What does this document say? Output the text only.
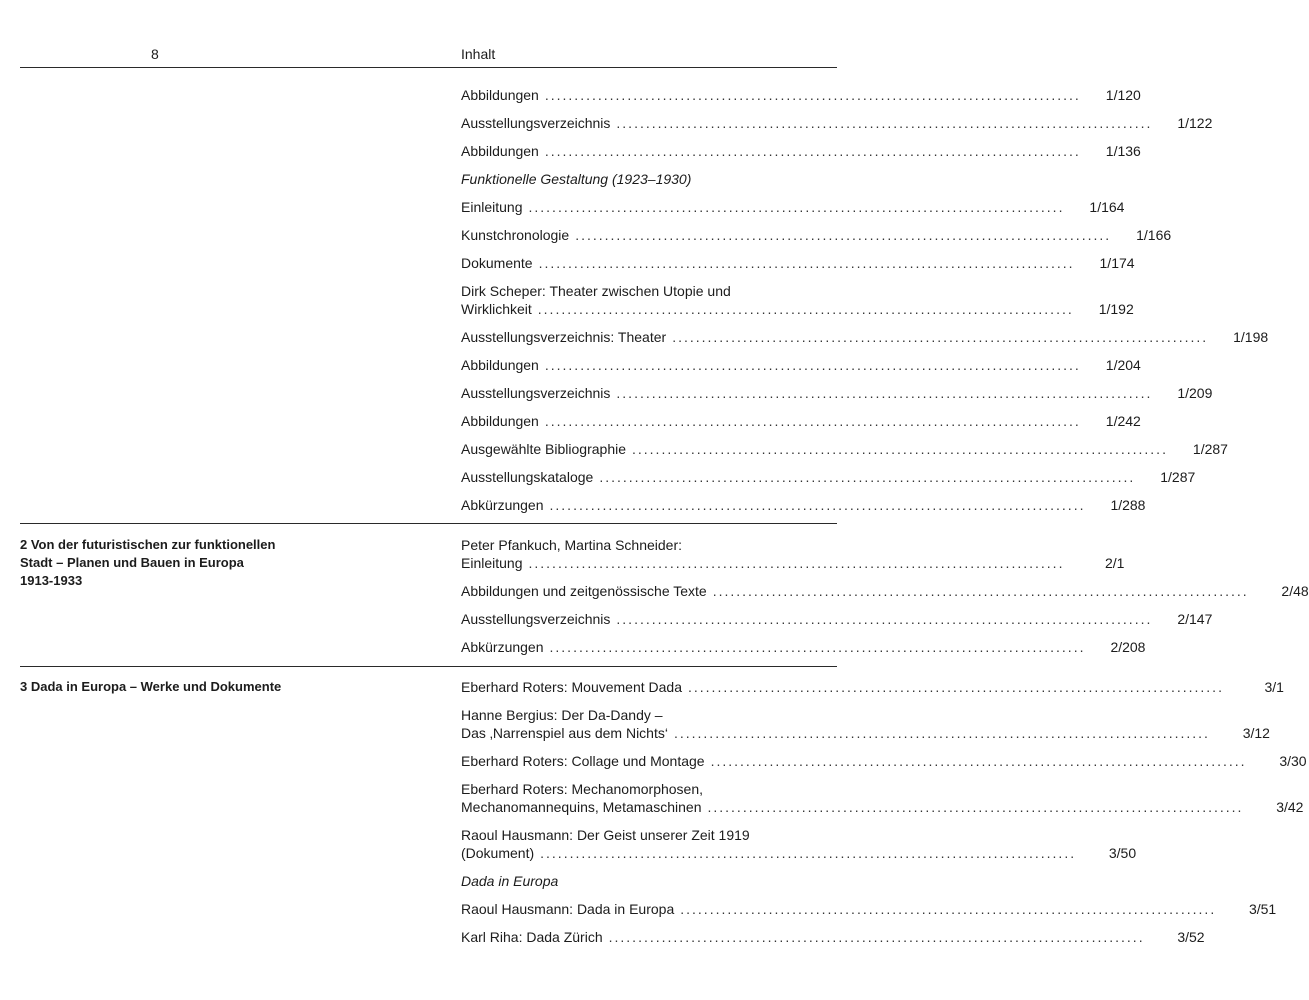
8	Inhalt
Abbildungen ...........................................................................................	1/120
Ausstellungsverzeichnis ...........................................................................................	1/122
Abbildungen ...........................................................................................	1/136
Funktionelle Gestaltung (1923–1930)
Einleitung ...........................................................................................	1/164
Kunstchronologie ...........................................................................................	1/166
Dokumente ...........................................................................................	1/174
Dirk Scheper: Theater zwischen Utopie und
Wirklichkeit ...........................................................................................	1/192
Ausstellungsverzeichnis: Theater ...........................................................................................	1/198
Abbildungen ...........................................................................................	1/204
Ausstellungsverzeichnis ...........................................................................................	1/209
Abbildungen ...........................................................................................	1/242
Ausgewählte Bibliographie ...........................................................................................	1/287
Ausstellungskataloge ...........................................................................................	1/287
Abkürzungen ...........................................................................................	1/288
2 Von der futuristischen zur funktionellen
Stadt – Planen und Bauen in Europa
1913-1933
Peter Pfankuch, Martina Schneider:
Einleitung ...........................................................................................	2/1
Abbildungen und zeitgenössische Texte ...........................................................................................	2/48
Ausstellungsverzeichnis ...........................................................................................	2/147
Abkürzungen ...........................................................................................	2/208
3 Dada in Europa – Werke und Dokumente	Eberhard Roters: Mouvement Dada ...........................................................................................	3/1
Hanne Bergius: Der Da-Dandy –
Das ‚Narrenspiel aus dem Nichts‘ ...........................................................................................	3/12
Eberhard Roters: Collage und Montage ...........................................................................................	3/30
Eberhard Roters: Mechanomorphosen,
Mechanomannequins, Metamaschinen ...........................................................................................	3/42
Raoul Hausmann: Der Geist unserer Zeit 1919
(Dokument) ...........................................................................................	3/50
Dada in Europa
Raoul Hausmann: Dada in Europa ...........................................................................................	3/51
Karl Riha: Dada Zürich ...........................................................................................	3/52
